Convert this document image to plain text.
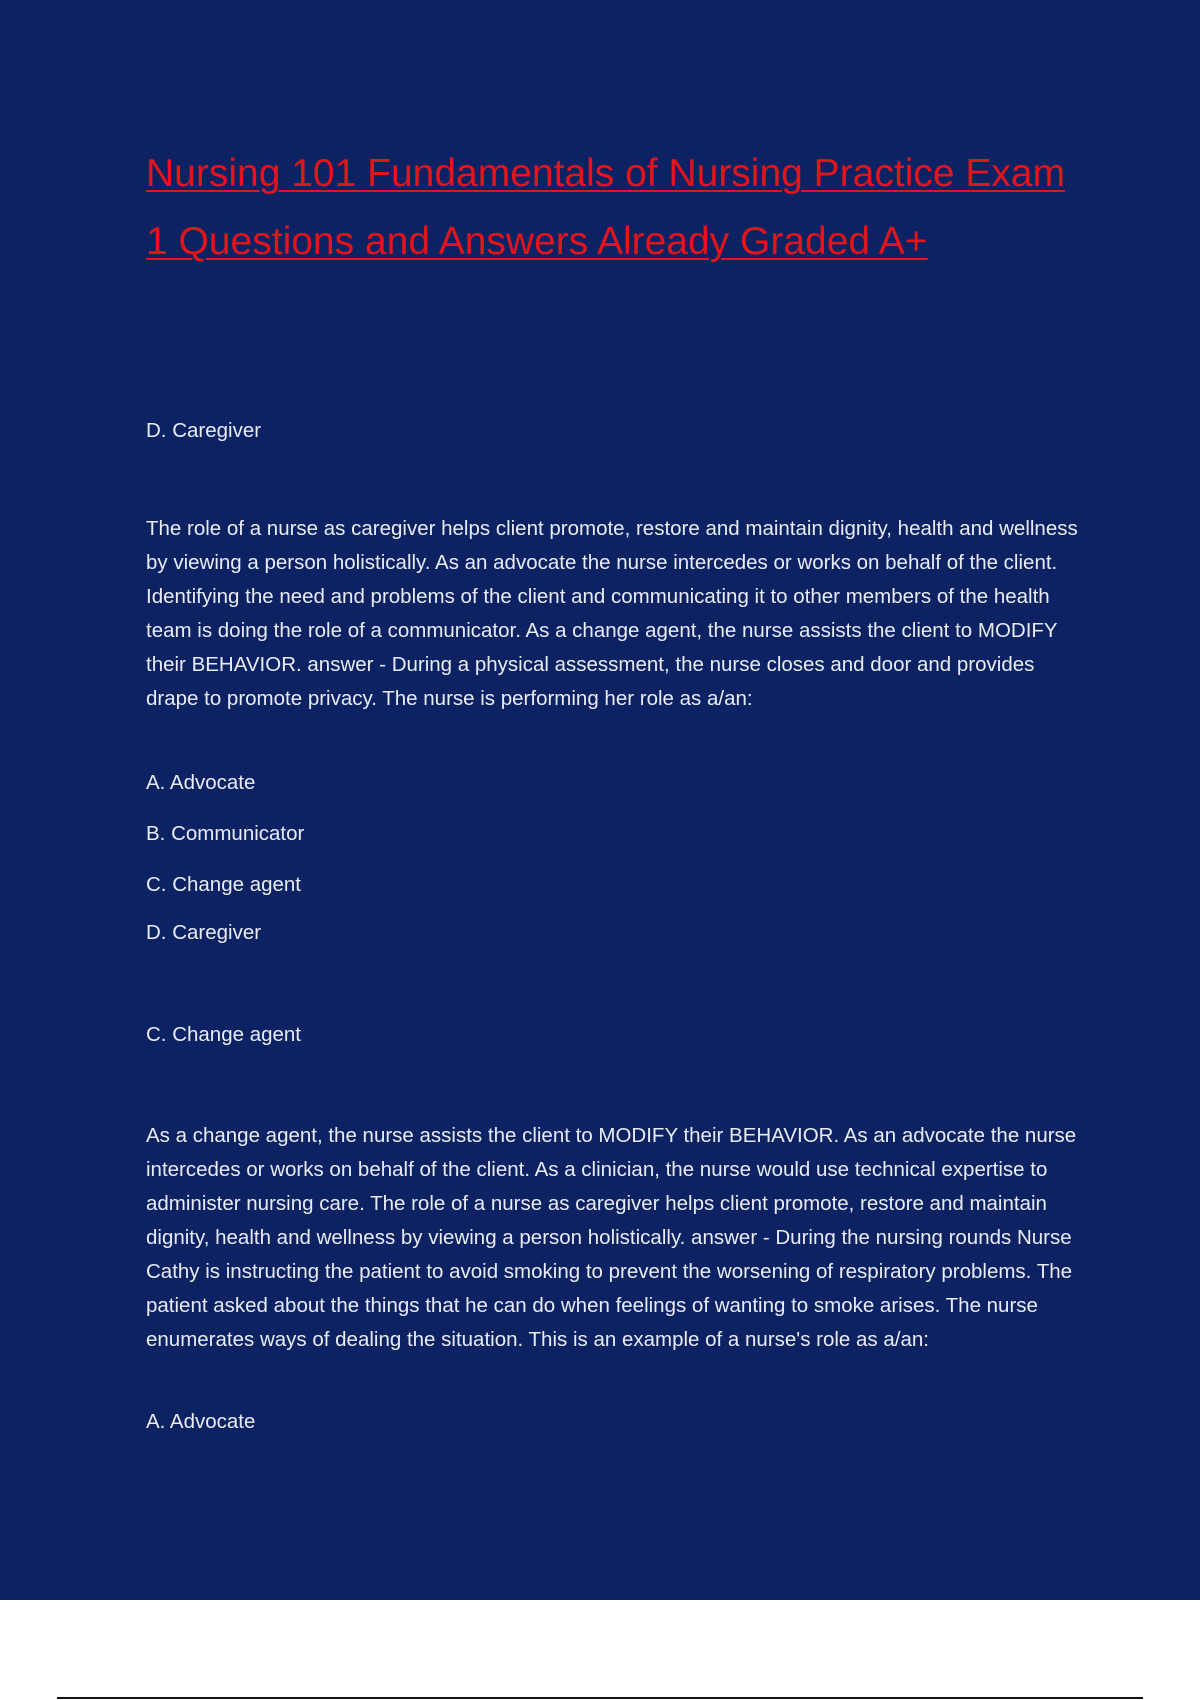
Nursing 101 Fundamentals of Nursing Practice Exam 1 Questions and Answers Already Graded A+

D. Caregiver

The role of a nurse as caregiver helps client promote, restore and maintain dignity, health and wellness by viewing a person holistically. As an advocate the nurse intercedes or works on behalf of the client. Identifying the need and problems of the client and communicating it to other members of the health team is doing the role of a communicator. As a change agent, the nurse assists the client to MODIFY their BEHAVIOR. answer - During a physical assessment, the nurse closes and door and provides drape to promote privacy. The nurse is performing her role as a/an:

A. Advocate

B. Communicator

C. Change agent

D. Caregiver

C. Change agent

As a change agent, the nurse assists the client to MODIFY their BEHAVIOR. As an advocate the nurse intercedes or works on behalf of the client. As a clinician, the nurse would use technical expertise to administer nursing care. The role of a nurse as caregiver helps client promote, restore and maintain dignity, health and wellness by viewing a person holistically. answer - During the nursing rounds Nurse Cathy is instructing the patient to avoid smoking to prevent the worsening of respiratory problems. The patient asked about the things that he can do when feelings of wanting to smoke arises. The nurse enumerates ways of dealing the situation. This is an example of a nurse's role as a/an:

A. Advocate
